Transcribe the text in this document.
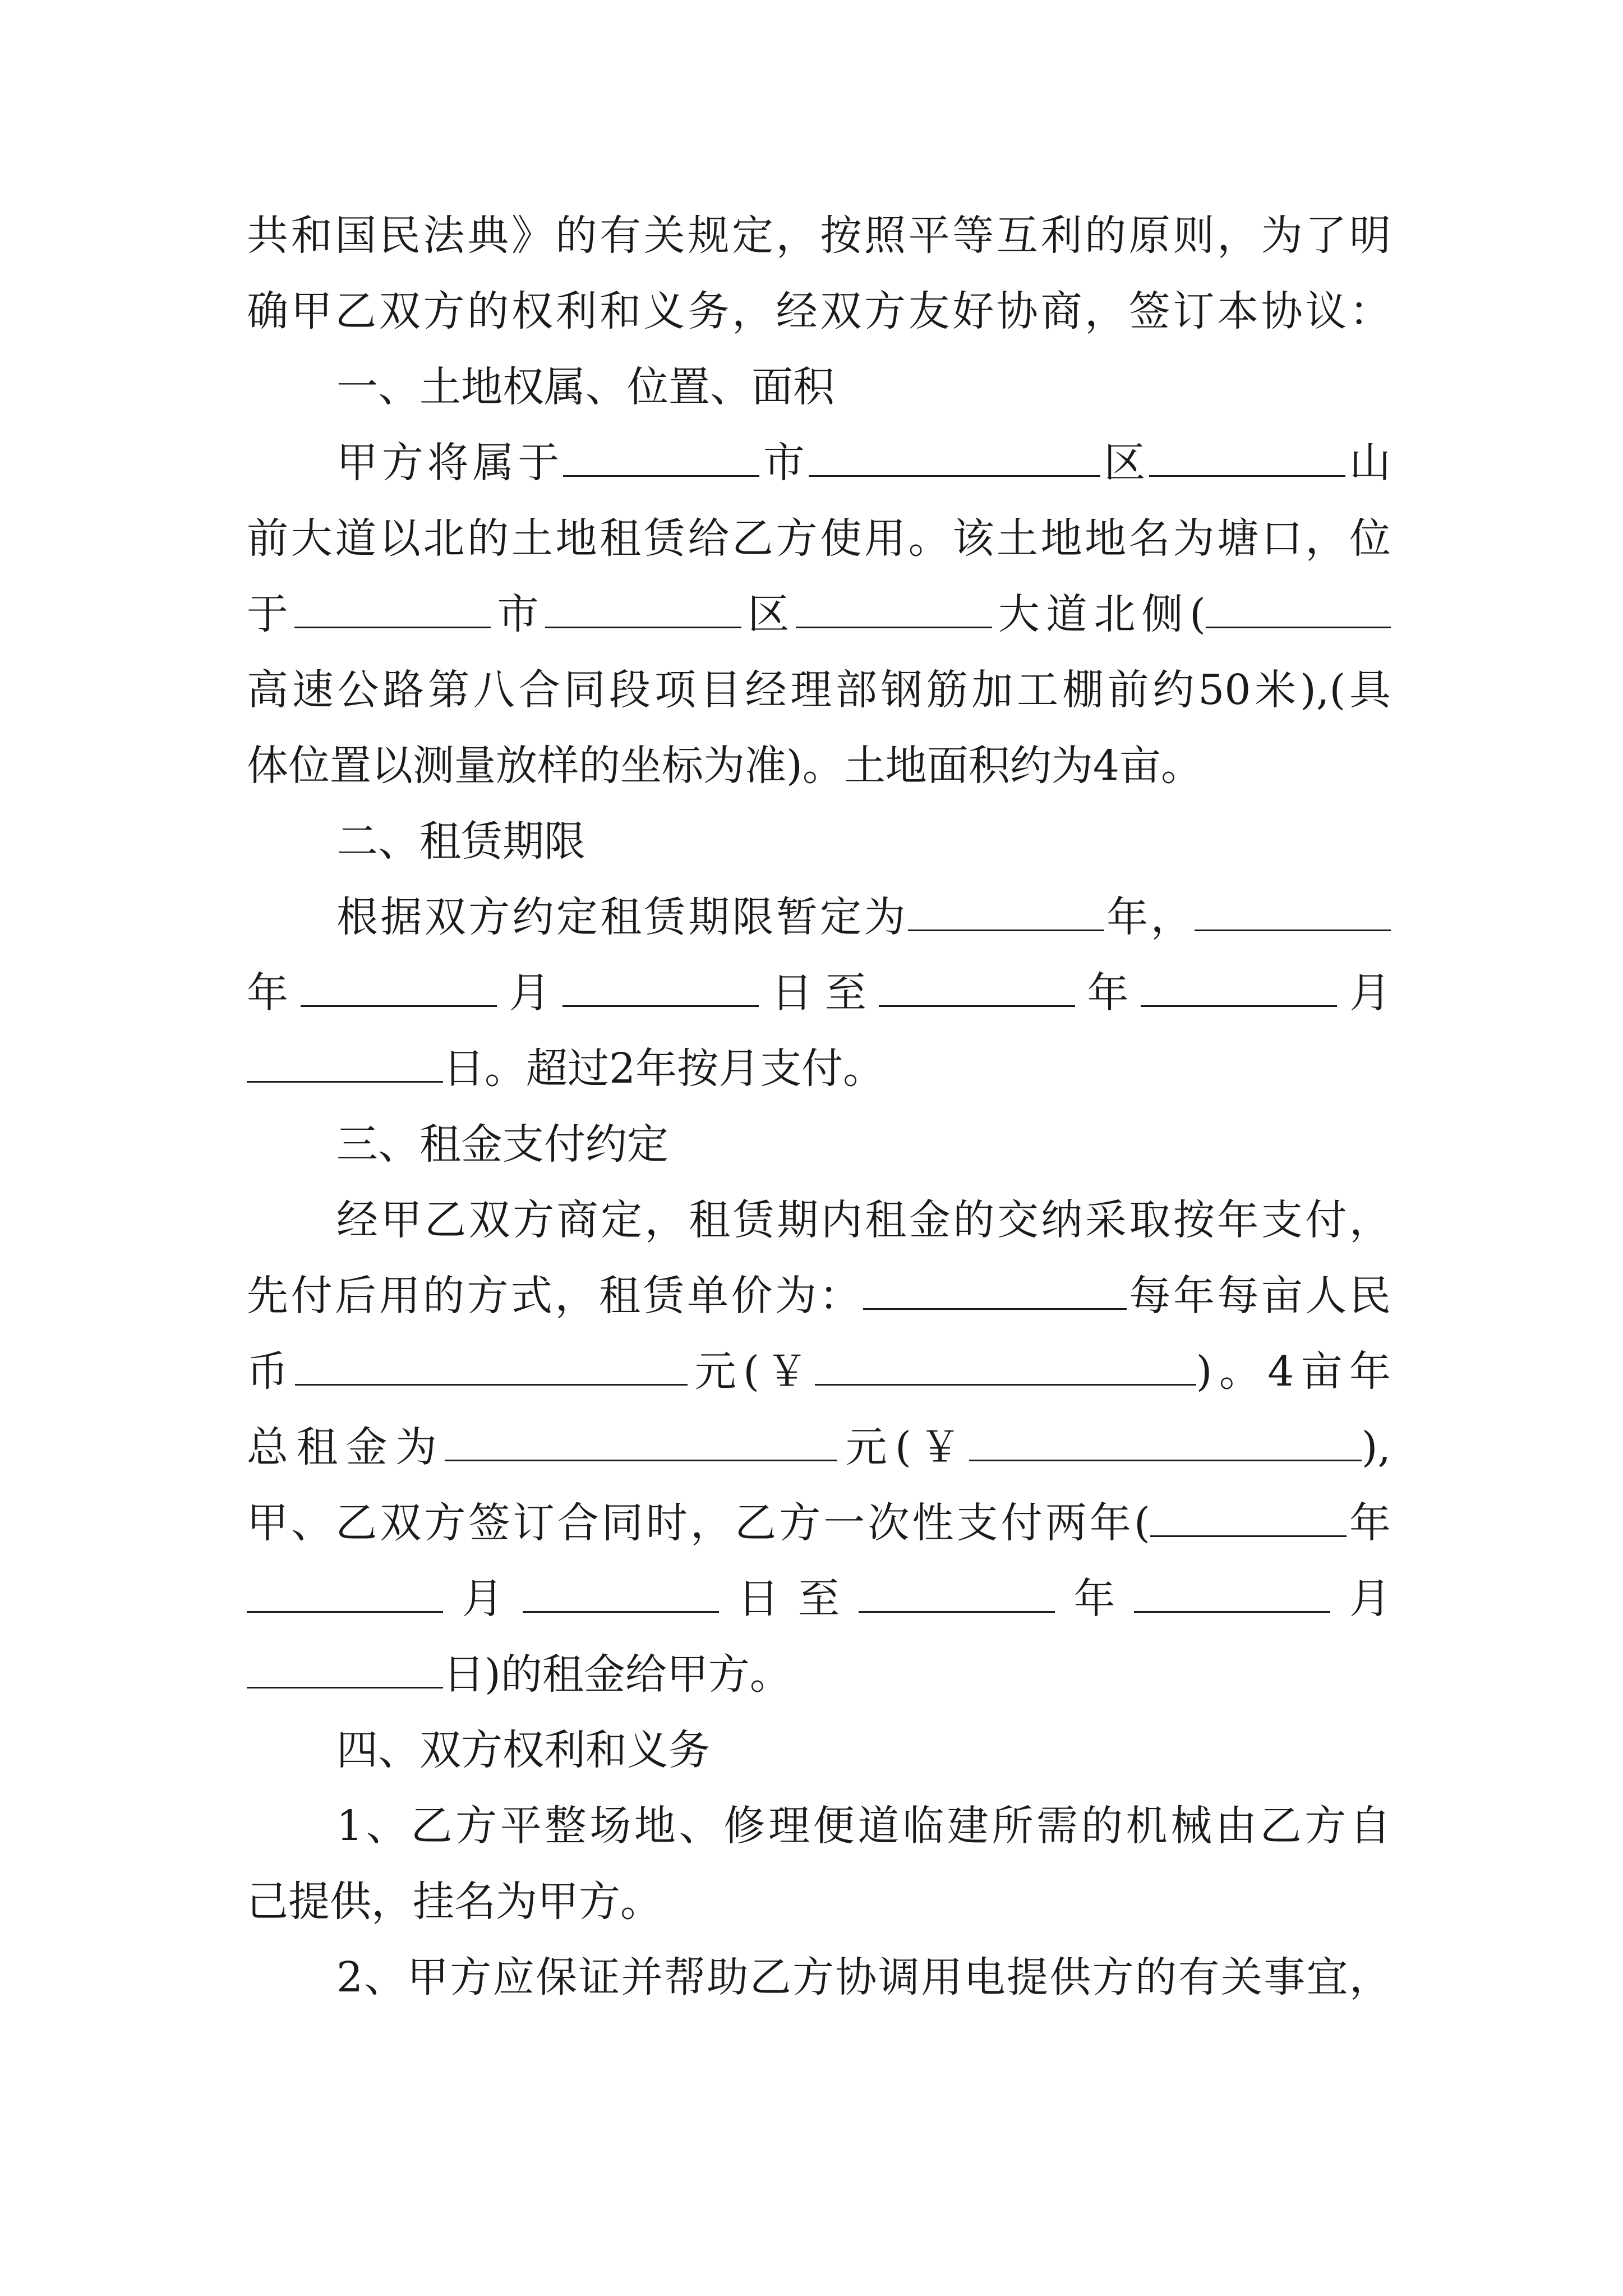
共和国民法典》的有关规定，按照平等互利的原则，为了明
确甲乙双方的权利和义务，经双方友好协商，签订本协议：
一、土地权属、位置、面积
甲方将属于	市	区	山
前大道以北的土地租赁给乙方使用。该土地地名为塘口，位
于	市	区	大道北侧(
高速公路第八合同段项目经理部钢筋加工棚前约50米),(具
体位置以测量放样的坐标为准)。土地面积约为4亩。
二、租赁期限
根据双方约定租赁期限暂定为	年，
年	月	日至	年	月
日。超过2年按月支付。
三、租金支付约定
经甲乙双方商定，租赁期内租金的交纳采取按年支付，
先付后用的方式，租赁单价为：	每年每亩人民
币	元(￥	)。4亩年
总租金为	元(￥	),
甲、乙双方签订合同时，乙方一次性支付两年(	年
月	日至	年	月
日)的租金给甲方。
四、双方权利和义务
1、乙方平整场地、修理便道临建所需的机械由乙方自
己提供，挂名为甲方。
2、甲方应保证并帮助乙方协调用电提供方的有关事宜，
